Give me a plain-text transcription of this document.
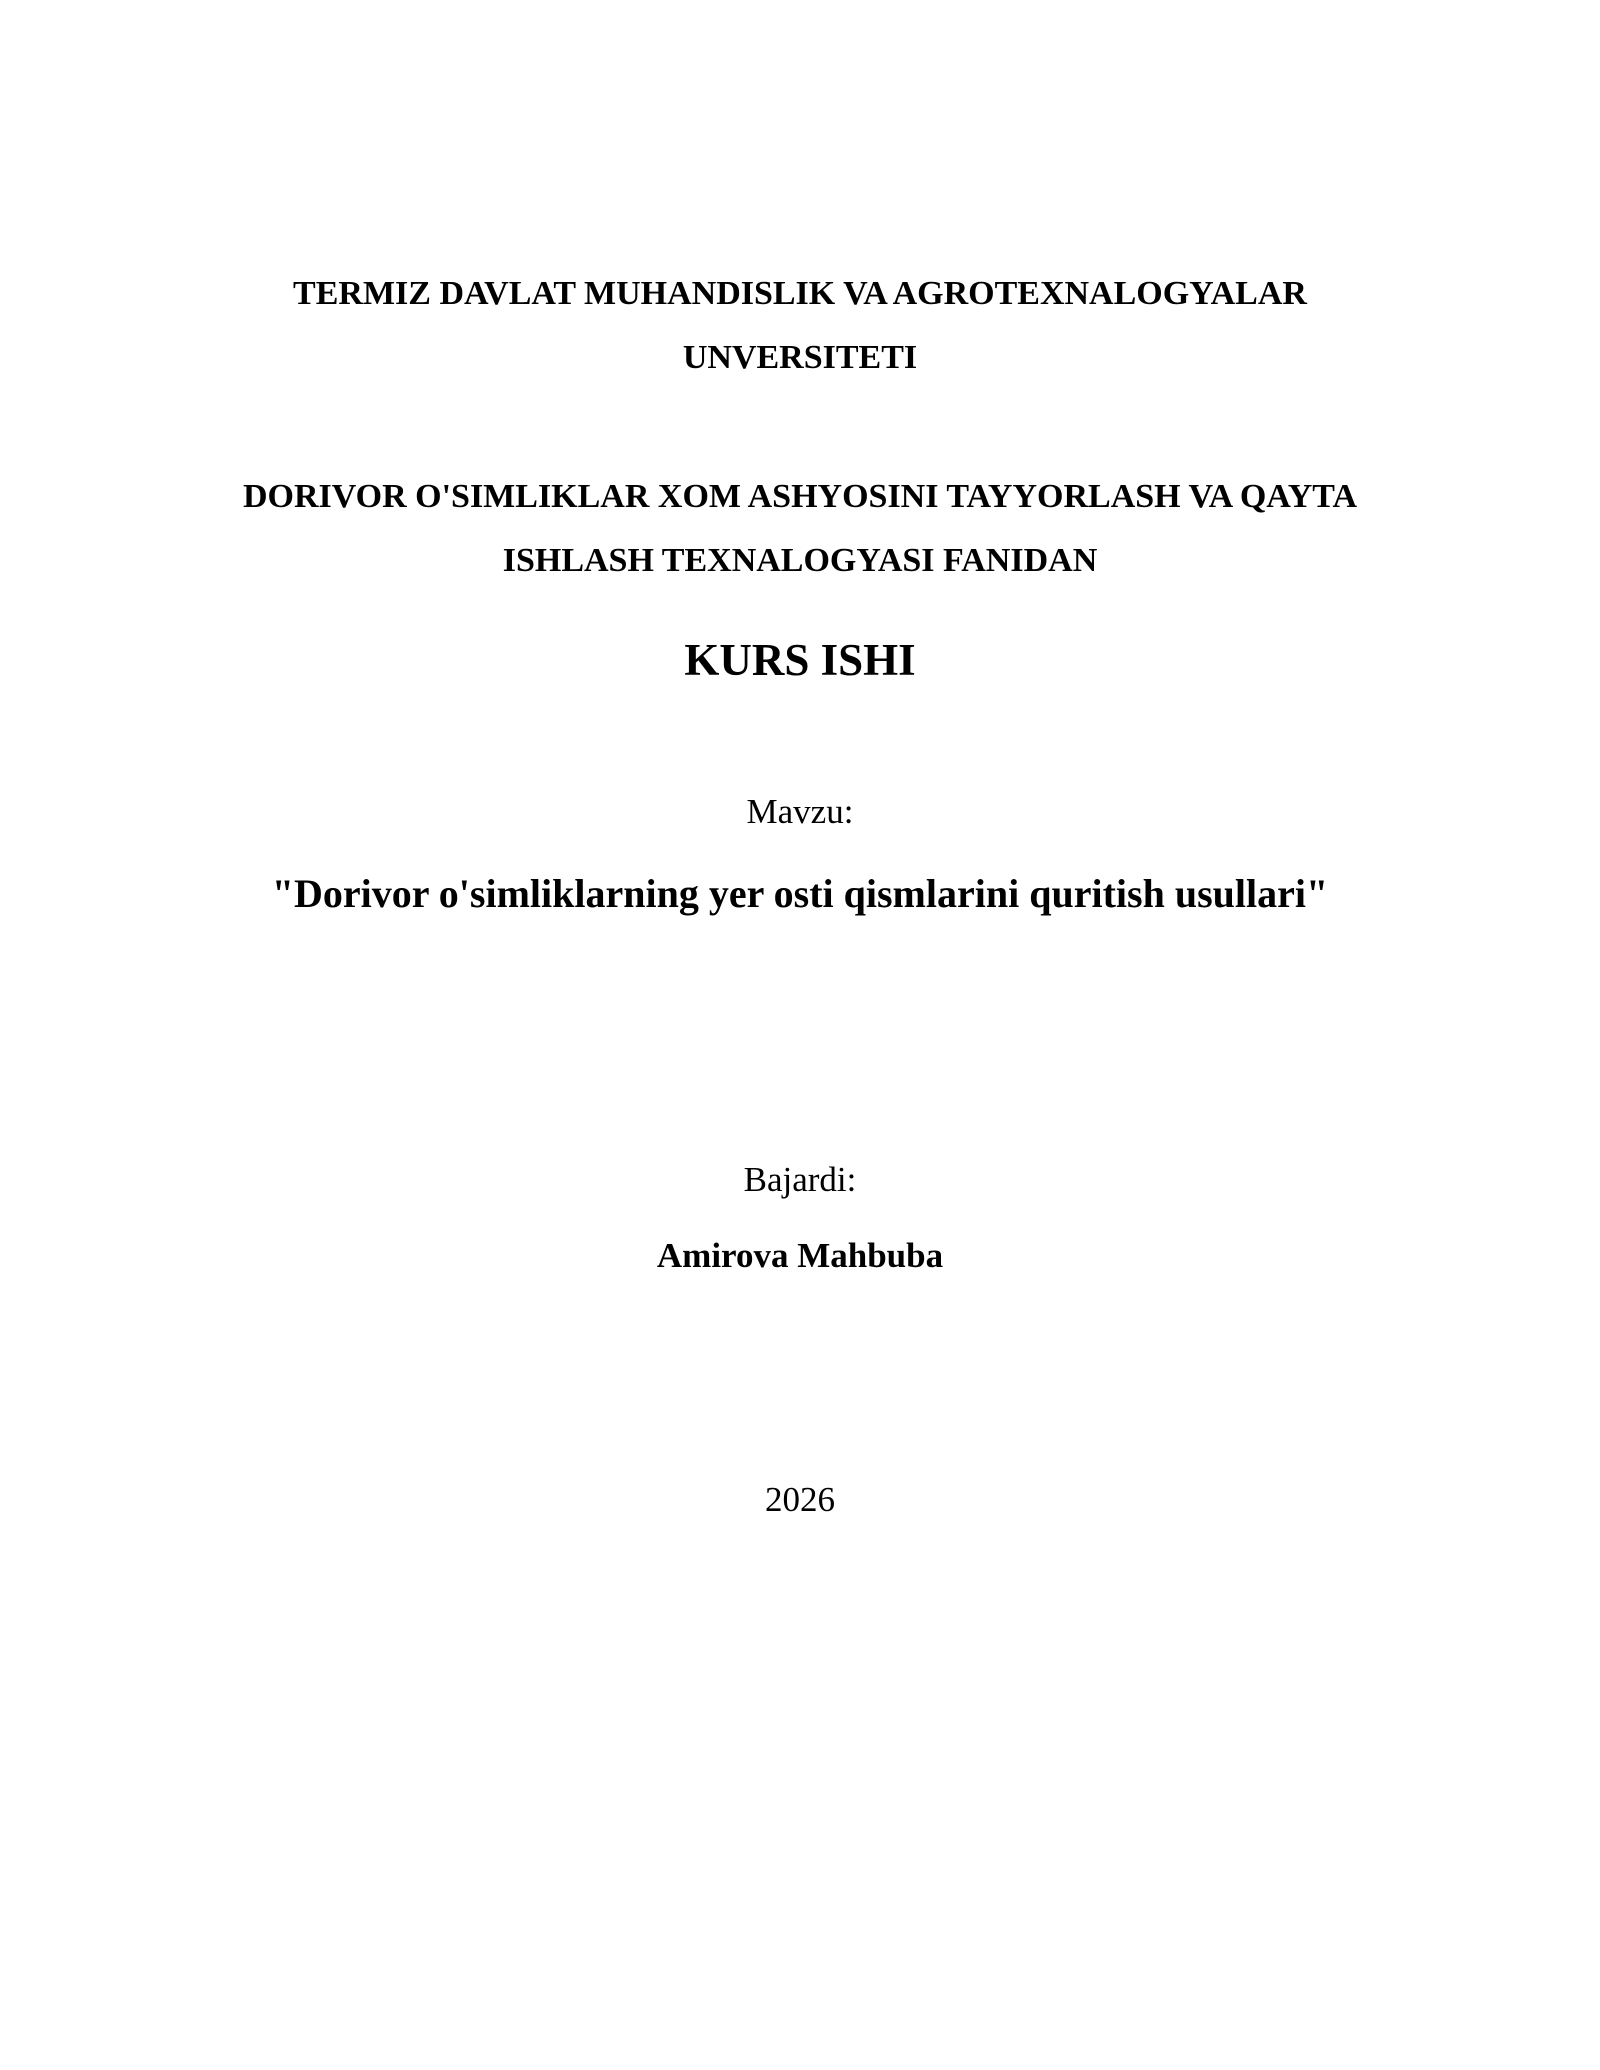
TERMIZ DAVLAT MUHANDISLIK VA AGROTEXNALOGYALAR

UNVERSITETI

DORIVOR O'SIMLIKLAR XOM ASHYOSINI TAYYORLASH VA QAYTA

ISHLASH TEXNALOGYASI FANIDAN

KURS ISHI

Mavzu:

"Dorivor o'simliklarning yer osti qismlarini quritish usullari"

Bajardi:

Amirova Mahbuba

2026
